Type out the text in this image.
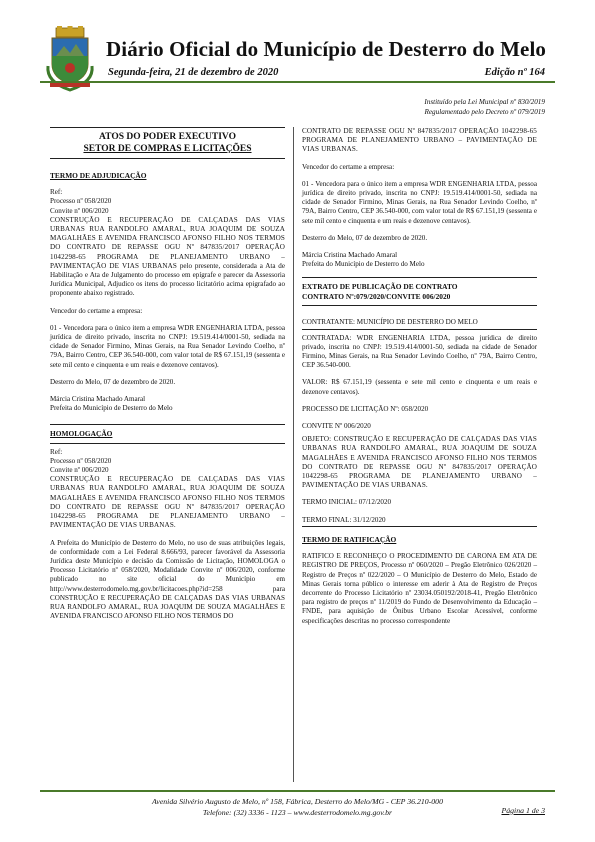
Diário Oficial do Município de Desterro do Melo
Segunda-feira, 21 de dezembro de 2020	Edição nº 164
Instituído pela Lei Municipal nº 830/2019
Regulamentado pelo Decreto nº 079/2019
ATOS DO PODER EXECUTIVO
SETOR DE COMPRAS E LICITAÇÕES

TERMO DE ADJUDICAÇÃO

Ref:

Processo nº 058/2020

Convite nº 006/2020

CONSTRUÇÃO E RECUPERAÇÃO DE CALÇADAS DAS VIAS URBANAS RUA RANDOLFO AMARAL, RUA JOAQUIM DE SOUZA MAGALHÃES E AVENIDA FRANCISCO AFONSO FILHO NOS TERMOS DO CONTRATO DE REPASSE OGU Nº 847835/2017 OPERAÇÃO 1042298-65 PROGRAMA DE PLANEJAMENTO URBANO – PAVIMENTAÇÃO DE VIAS URBANAS pelo presente, considerada a Ata de Habilitação e Ata de Julgamento do processo em epígrafe e parecer da Assessoria Jurídica Municipal, Adjudico os itens do processo licitatório acima epigrafado ao proponente abaixo registrado.

Vencedor do certame a empresa:

01 - Vencedora para o único item a empresa WDR ENGENHARIA LTDA, pessoa jurídica de direito privado, inscrita no CNPJ: 19.519.414/0001-50, sediada na cidade de Senador Firmino, Minas Gerais, na Rua Senador Levindo Coelho, nº 79A, Bairro Centro, CEP 36.540-000, com valor total de R$ 67.151,19 (sessenta e sete mil cento e cinquenta e um reais e dezenove centavos).

Desterro do Melo, 07 de dezembro de 2020.

Márcia Cristina Machado Amaral

Prefeita do Município de Desterro do Melo

HOMOLOGAÇÃO

Ref:

Processo nº 058/2020

Convite nº 006/2020

CONSTRUÇÃO E RECUPERAÇÃO DE CALÇADAS DAS VIAS URBANAS RUA RANDOLFO AMARAL, RUA JOAQUIM DE SOUZA MAGALHÃES E AVENIDA FRANCISCO AFONSO FILHO NOS TERMOS DO CONTRATO DE REPASSE OGU Nº 847835/2017 OPERAÇÃO 1042298-65 PROGRAMA DE PLANEJAMENTO URBANO – PAVIMENTAÇÃO DE VIAS URBANAS.

A Prefeita do Município de Desterro do Melo, no uso de suas atribuições legais, de conformidade com a Lei Federal 8.666/93, parecer favorável da Assessoria Jurídica deste Município e decisão da Comissão de Licitação, HOMOLOGA o Processo Licitatório nº 058/2020, Modalidade Convite nº 006/2020, conforme publicado no site oficial do Município em http://www.desterrodomelo.mg.gov.br/licitacoes.php?id=258 para CONSTRUÇÃO E RECUPERAÇÃO DE CALÇADAS DAS VIAS URBANAS RUA RANDOLFO AMARAL, RUA JOAQUIM DE SOUZA MAGALHÃES E AVENIDA FRANCISCO AFONSO FILHO NOS TERMOS DO

CONTRATO DE REPASSE OGU Nº 847835/2017 OPERAÇÃO 1042298-65 PROGRAMA DE PLANEJAMENTO URBANO – PAVIMENTAÇÃO DE VIAS URBANAS.

Vencedor do certame a empresa:

01 - Vencedora para o único item a empresa WDR ENGENHARIA LTDA, pessoa jurídica de direito privado, inscrita no CNPJ: 19.519.414/0001-50, sediada na cidade de Senador Firmino, Minas Gerais, na Rua Senador Levindo Coelho, nº 79A, Bairro Centro, CEP 36.540-000, com valor total de R$ 67.151,19 (sessenta e sete mil cento e cinquenta e um reais e dezenove centavos).

Desterro do Melo, 07 de dezembro de 2020.

Márcia Cristina Machado Amaral

Prefeita do Município de Desterro do Melo

EXTRATO DE PUBLICAÇÃO DE CONTRATO

CONTRATO Nº:079/2020/CONVITE 006/2020

CONTRATANTE: MUNICÍPIO DE DESTERRO DO MELO

CONTRATADA: WDR ENGENHARIA LTDA, pessoa jurídica de direito privado, inscrita no CNPJ: 19.519.414/0001-50, sediada na cidade de Senador Firmino, Minas Gerais, na Rua Senador Levindo Coelho, nº 79A, Bairro Centro, CEP 36.540-000.

VALOR: R$ 67.151,19 (sessenta e sete mil cento e cinquenta e um reais e dezenove centavos).

PROCESSO DE LICITAÇÃO Nº: 058/2020

CONVITE Nº 006/2020

OBJETO: CONSTRUÇÃO E RECUPERAÇÃO DE CALÇADAS DAS VIAS URBANAS RUA RANDOLFO AMARAL, RUA JOAQUIM DE SOUZA MAGALHÃES E AVENIDA FRANCISCO AFONSO FILHO NOS TERMOS DO CONTRATO DE REPASSE OGU Nº 847835/2017 OPERAÇÃO 1042298-65 PROGRAMA DE PLANEJAMENTO URBANO – PAVIMENTAÇÃO DE VIAS URBANAS.

TERMO INICIAL: 07/12/2020

TERMO FINAL: 31/12/2020

TERMO DE RATIFICAÇÃO

RATIFICO E RECONHEÇO O PROCEDIMENTO DE CARONA EM ATA DE REGISTRO DE PREÇOS, Processo nº 060/2020 – Pregão Eletrônico 026/2020 – Registro de Preços nº 022/2020 – O Município de Desterro do Melo, Estado de Minas Gerais torna público o interesse em aderir à Ata de Registro de Preços decorrente do Processo Licitatório nº 23034.050192/2018-41, Pregão Eletrônico para registro de preços nº 11/2019 do Fundo de Desenvolvimento da Educação – FNDE, para aquisição de Ônibus Urbano Escolar Acessível, conforme especificações descritas no processo correspondente

Avenida Silvério Augusto de Melo, nº 158, Fábrica, Desterro do Melo/MG - CEP 36.210-000
Telefone: (32) 3336 - 1123 – www.desterrodomelo.mg.gov.br	Página 1 de 3
